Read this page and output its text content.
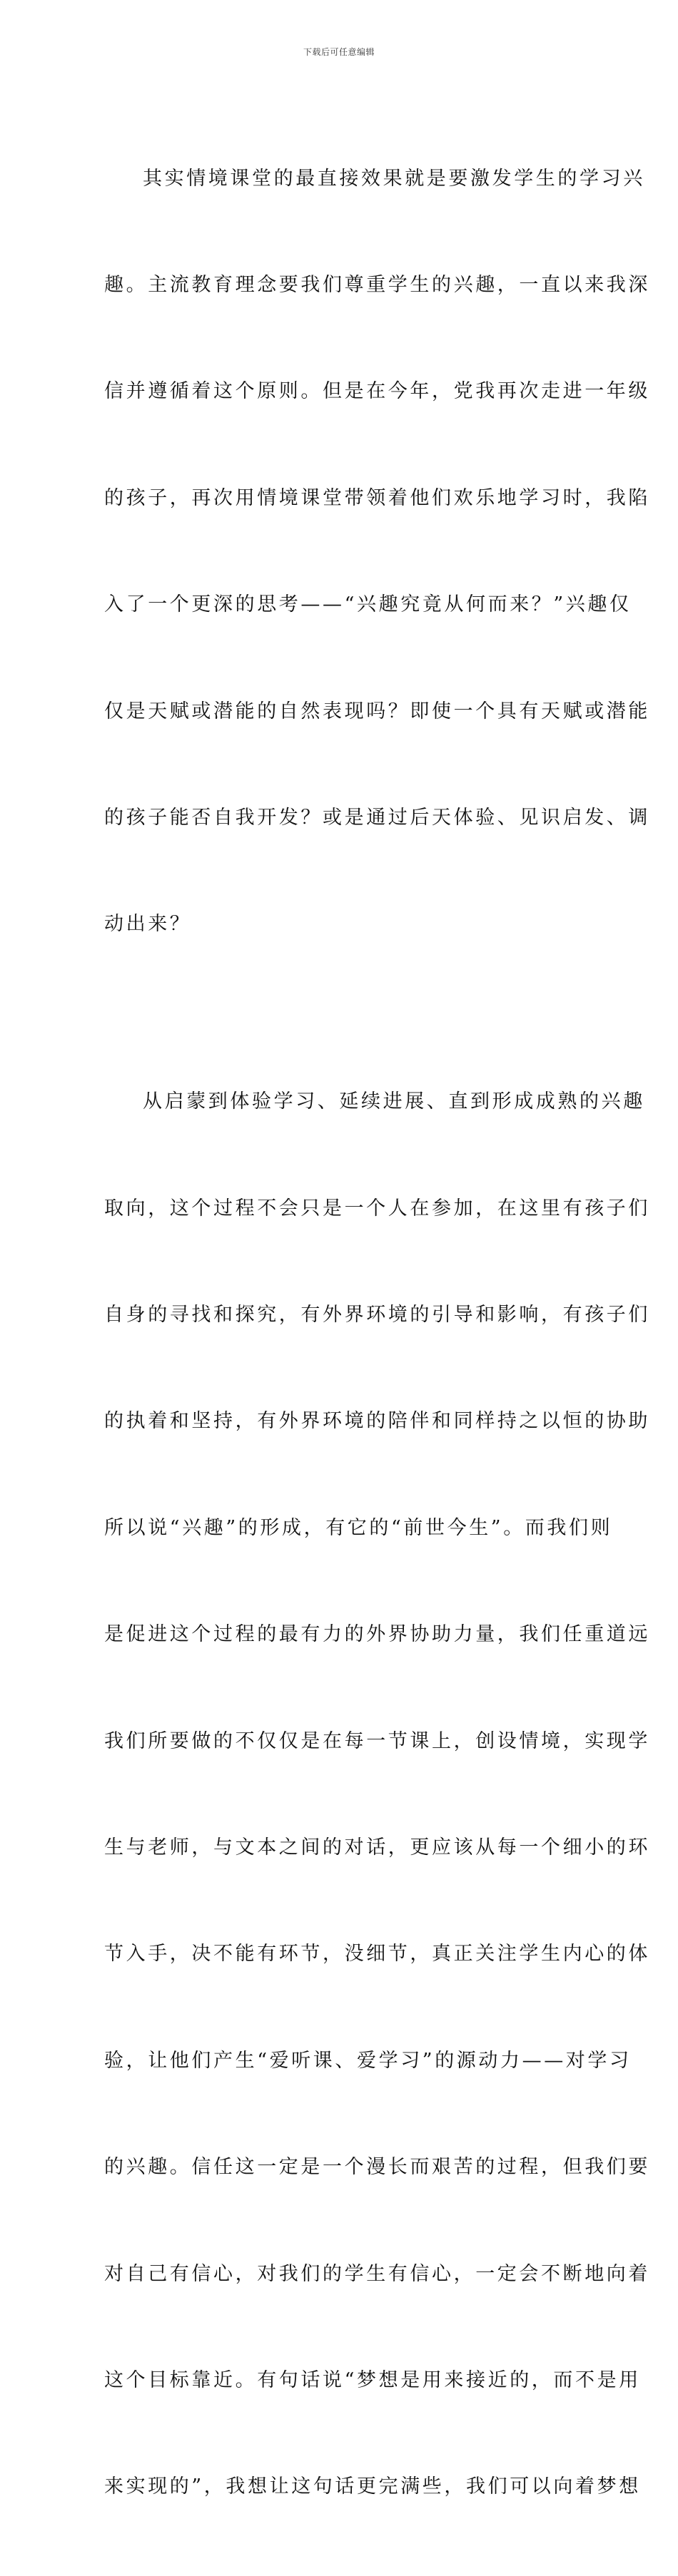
下载后可任意编辑

其实情境课堂的最直接效果就是要激发学生的学习兴

趣。主流教育理念要我们尊重学生的兴趣，一直以来我深

信并遵循着这个原则。但是在今年，党我再次走进一年级

的孩子，再次用情境课堂带领着他们欢乐地学习时，我陷

入了一个更深的思考——“兴趣究竟从何而来？”兴趣仅

仅是天赋或潜能的自然表现吗？即使一个具有天赋或潜能

的孩子能否自我开发？或是通过后天体验、见识启发、调

动出来？

从启蒙到体验学习、延续进展、直到形成成熟的兴趣

取向，这个过程不会只是一个人在参加，在这里有孩子们

自身的寻找和探究，有外界环境的引导和影响，有孩子们

的执着和坚持，有外界环境的陪伴和同样持之以恒的协助

所以说“兴趣”的形成，有它的“前世今生”。而我们则

是促进这个过程的最有力的外界协助力量，我们任重道远

我们所要做的不仅仅是在每一节课上，创设情境，实现学

生与老师，与文本之间的对话，更应该从每一个细小的环

节入手，决不能有环节，没细节，真正关注学生内心的体

验，让他们产生“爱听课、爱学习”的源动力——对学习

的兴趣。信任这一定是一个漫长而艰苦的过程，但我们要

对自己有信心，对我们的学生有信心，一定会不断地向着

这个目标靠近。有句话说“梦想是用来接近的，而不是用

来实现的”，我想让这句话更完满些，我们可以向着梦想
